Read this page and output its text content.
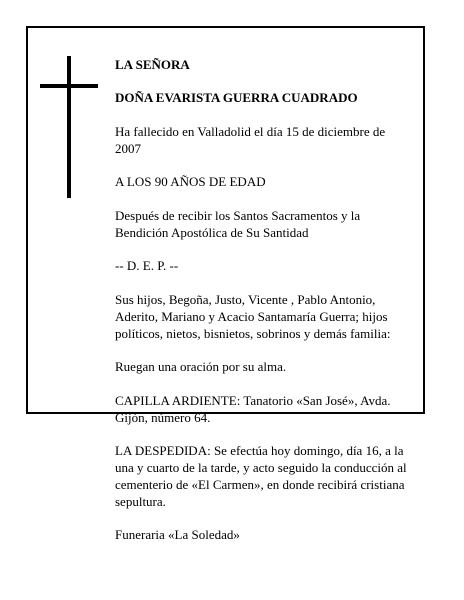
LA SEÑORA

DOÑA EVARISTA GUERRA CUADRADO

Ha fallecido en Valladolid el día 15 de diciembre de
2007

A LOS 90 AÑOS DE EDAD

Después de recibir los Santos Sacramentos y la
Bendición Apostólica de Su Santidad

-- D. E. P. --

Sus hijos, Begoña, Justo, Vicente , Pablo Antonio,
Aderito, Mariano y Acacio Santamaría Guerra; hijos
políticos, nietos, bisnietos, sobrinos y demás familia:

Ruegan una oración por su alma.

CAPILLA ARDIENTE: Tanatorio «San José», Avda.
Gijón, número 64.

LA DESPEDIDA: Se efectúa hoy domingo, día 16, a la
una y cuarto de la tarde, y acto seguido la conducción al
cementerio de «El Carmen», en donde recibirá cristiana
sepultura.

Funeraria «La Soledad»
